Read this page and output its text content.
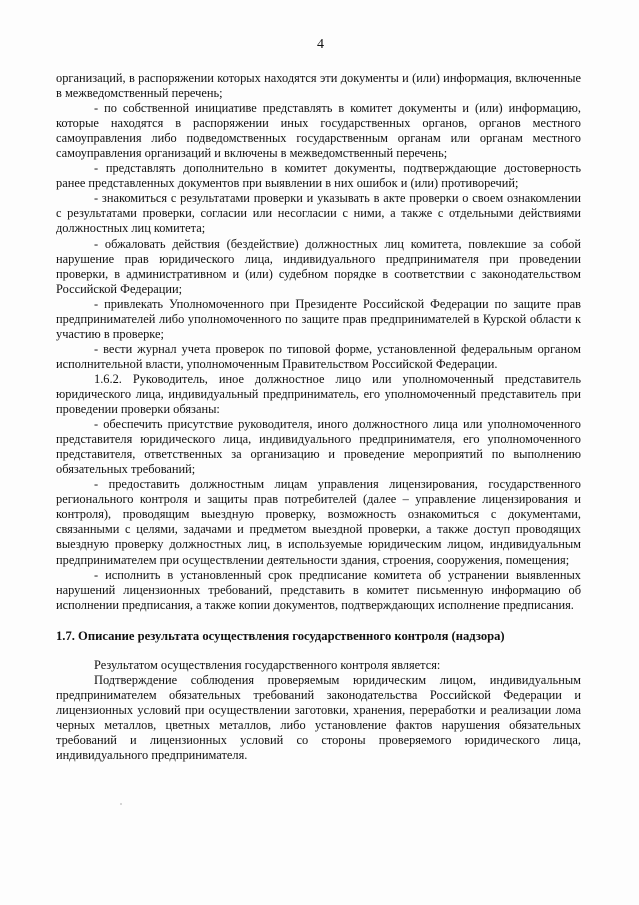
4

организаций, в распоряжении которых находятся эти документы и (или) информация, включенные в межведомственный перечень;

- по собственной инициативе представлять в комитет документы и (или) информацию, которые находятся в распоряжении иных государственных органов, органов местного самоуправления либо подведомственных государственным органам или органам местного самоуправления организаций и включены в межведомственный перечень;

- представлять дополнительно в комитет документы, подтверждающие достоверность ранее представленных документов при выявлении в них ошибок и (или) противоречий;

- знакомиться с результатами проверки и указывать в акте проверки о своем ознакомлении с результатами проверки, согласии или несогласии с ними, а также с отдельными действиями должностных лиц комитета;

- обжаловать действия (бездействие) должностных лиц комитета, повлекшие за собой нарушение прав юридического лица, индивидуального предпринимателя при проведении проверки, в административном и (или) судебном порядке в соответствии с законодательством Российской Федерации;

- привлекать Уполномоченного при Президенте Российской Федерации по защите прав предпринимателей либо уполномоченного по защите прав предпринимателей в Курской области к участию в проверке;

- вести журнал учета проверок по типовой форме, установленной федеральным органом исполнительной власти, уполномоченным Правительством Российской Федерации.

1.6.2. Руководитель, иное должностное лицо или уполномоченный представитель юридического лица, индивидуальный предприниматель, его уполномоченный представитель при проведении проверки обязаны:

- обеспечить присутствие руководителя, иного должностного лица или уполномоченного представителя юридического лица, индивидуального предпринимателя, его уполномоченного представителя, ответственных за организацию и проведение мероприятий по выполнению обязательных требований;

- предоставить должностным лицам управления лицензирования, государственного регионального контроля и защиты прав потребителей (далее – управление лицензирования и контроля), проводящим выездную проверку, возможность ознакомиться с документами, связанными с целями, задачами и предметом выездной проверки, а также доступ проводящих выездную проверку должностных лиц, в используемые юридическим лицом, индивидуальным предпринимателем при осуществлении деятельности здания, строения, сооружения, помещения;

- исполнить в установленный срок предписание комитета об устранении выявленных нарушений лицензионных требований, представить в комитет письменную информацию об исполнении предписания, а также копии документов, подтверждающих исполнение предписания.

1.7. Описание результата осуществления государственного контроля (надзора)

Результатом осуществления государственного контроля является:

Подтверждение соблюдения проверяемым юридическим лицом, индивидуальным предпринимателем обязательных требований законодательства Российской Федерации и лицензионных условий при осуществлении заготовки, хранения, переработки и реализации лома черных металлов, цветных металлов, либо установление фактов нарушения обязательных требований и лицензионных условий со стороны проверяемого юридического лица, индивидуального предпринимателя.
